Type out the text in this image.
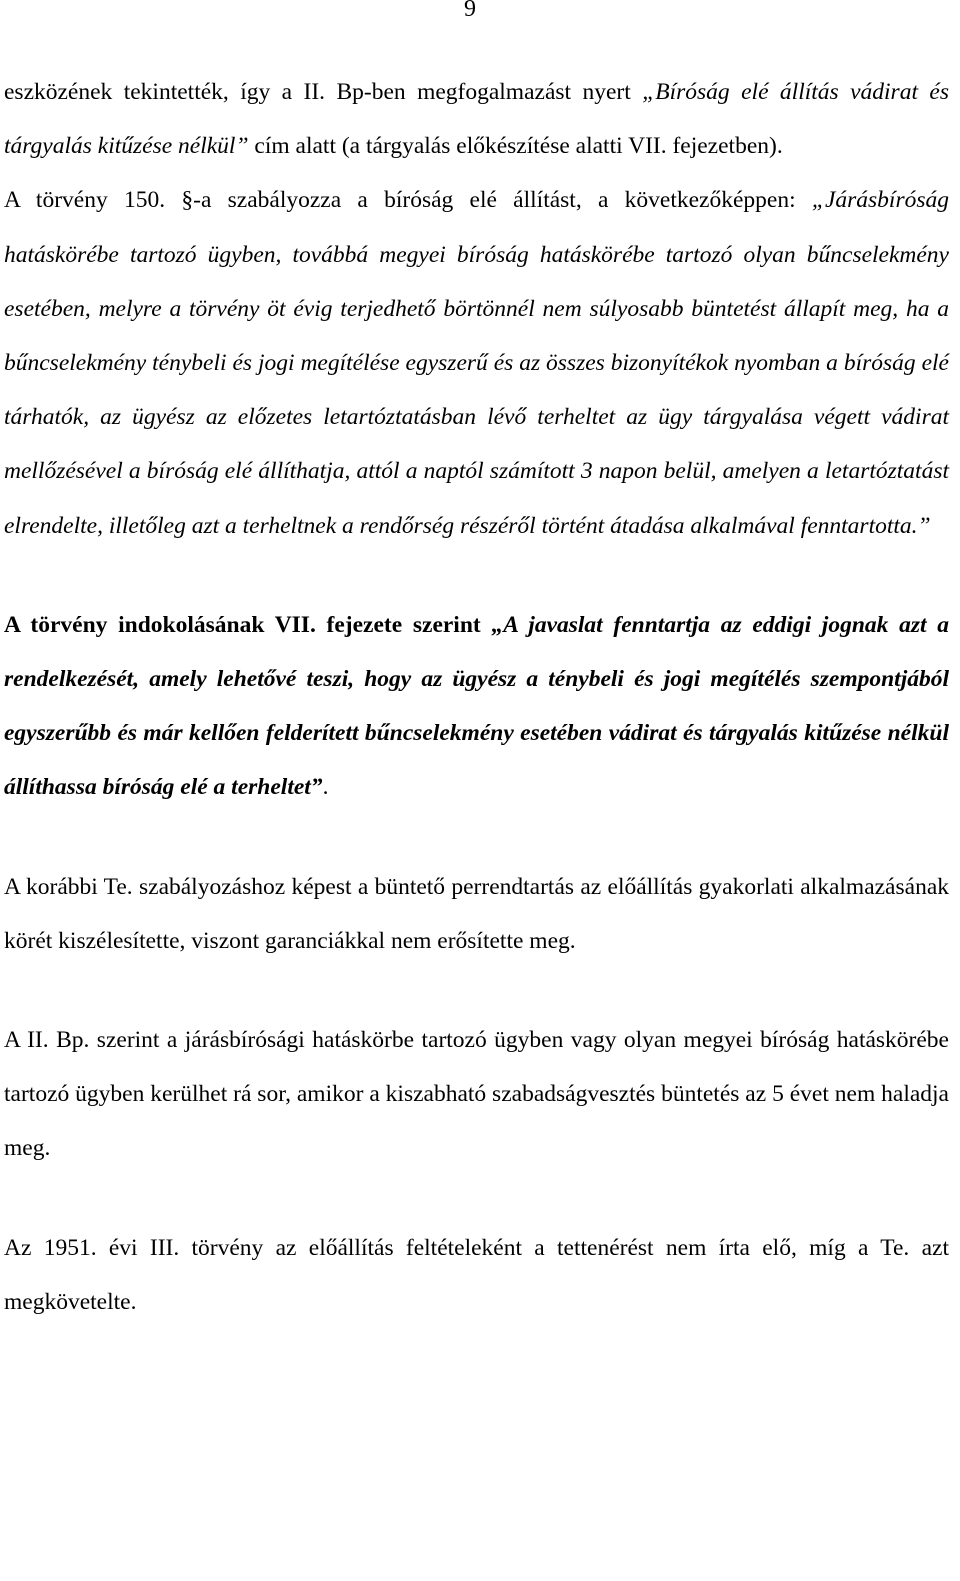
9

eszközének tekintették, így a II. Bp-ben megfogalmazást nyert „Bíróság elé állítás vádirat és tárgyalás kitűzése nélkül” cím alatt (a tárgyalás előkészítése alatti VII. fejezetben).

A törvény 150. §-a szabályozza a bíróság elé állítást, a következőképpen: „Járásbíróság hatáskörébe tartozó ügyben, továbbá megyei bíróság hatáskörébe tartozó olyan bűncselekmény esetében, melyre a törvény öt évig terjedhető börtönnél nem súlyosabb büntetést állapít meg, ha a bűncselekmény ténybeli és jogi megítélése egyszerű és az összes bizonyítékok nyomban a bíróság elé tárhatók, az ügyész az előzetes letartóztatásban lévő terheltet az ügy tárgyalása végett vádirat mellőzésével a bíróság elé állíthatja, attól a naptól számított 3 napon belül, amelyen a letartóztatást elrendelte, illetőleg azt a terheltnek a rendőrség részéről történt átadása alkalmával fenntartotta.”

A törvény indokolásának VII. fejezete szerint „A javaslat fenntartja az eddigi jognak azt a rendelkezését, amely lehetővé teszi, hogy az ügyész a ténybeli és jogi megítélés szempontjából egyszerűbb és már kellően felderített bűncselekmény esetében vádirat és tárgyalás kitűzése nélkül állíthassa bíróság elé a terheltet”.

A korábbi Te. szabályozáshoz képest a büntető perrendtartás az előállítás gyakorlati alkalmazásának körét kiszélesítette, viszont garanciákkal nem erősítette meg.

A II. Bp. szerint a járásbírósági hatáskörbe tartozó ügyben vagy olyan megyei bíróság hatáskörébe tartozó ügyben kerülhet rá sor, amikor a kiszabható szabadságvesztés büntetés az 5 évet nem haladja meg.

Az 1951. évi III. törvény az előállítás feltételeként a tettenérést nem írta elő, míg a Te. azt megkövetelte.
